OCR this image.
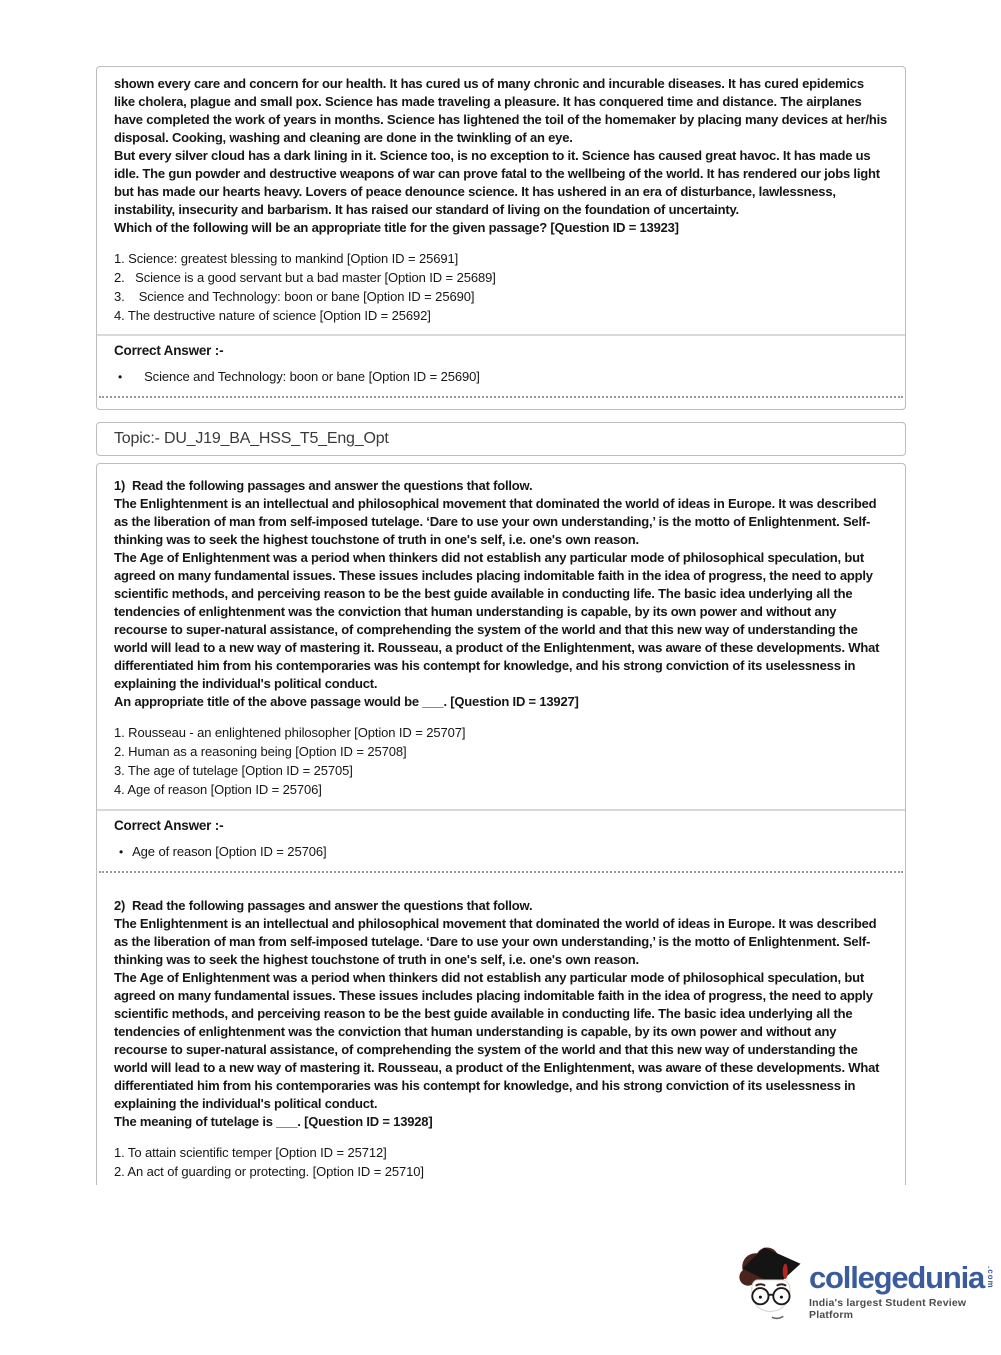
shown every care and concern for our health. It has cured us of many chronic and incurable diseases. It has cured epidemics like cholera, plague and small pox. Science has made traveling a pleasure. It has conquered time and distance. The airplanes have completed the work of years in months. Science has lightened the toil of the homemaker by placing many devices at her/his disposal. Cooking, washing and cleaning are done in the twinkling of an eye.

But every silver cloud has a dark lining in it. Science too, is no exception to it. Science has caused great havoc. It has made us idle. The gun powder and destructive weapons of war can prove fatal to the wellbeing of the world. It has rendered our jobs light but has made our hearts heavy. Lovers of peace denounce science. It has ushered in an era of disturbance, lawlessness, instability, insecurity and barbarism. It has raised our standard of living on the foundation of uncertainty.

Which of the following will be an appropriate title for the given passage? [Question ID = 13923]

1. Science: greatest blessing to mankind [Option ID = 25691]
2.   Science is a good servant but a bad master [Option ID = 25689]
3.    Science and Technology: boon or bane [Option ID = 25690]
4. The destructive nature of science [Option ID = 25692]
Correct Answer :-
• Science and Technology: boon or bane [Option ID = 25690]
Topic:- DU_J19_BA_HSS_T5_Eng_Opt

1)  Read the following passages and answer the questions that follow.

The Enlightenment is an intellectual and philosophical movement that dominated the world of ideas in Europe. It was described as the liberation of man from self-imposed tutelage. ‘Dare to use your own understanding,’ is the motto of Enlightenment. Self-thinking was to seek the highest touchstone of truth in one's self, i.e. one's own reason.

The Age of Enlightenment was a period when thinkers did not establish any particular mode of philosophical speculation, but agreed on many fundamental issues. These issues includes placing indomitable faith in the idea of progress, the need to apply scientific methods, and perceiving reason to be the best guide available in conducting life. The basic idea underlying all the tendencies of enlightenment was the conviction that human understanding is capable, by its own power and without any recourse to super-natural assistance, of comprehending the system of the world and that this new way of understanding the world will lead to a new way of mastering it. Rousseau, a product of the Enlightenment, was aware of these developments. What differentiated him from his contemporaries was his contempt for knowledge, and his strong conviction of its uselessness in explaining the individual's political conduct.

An appropriate title of the above passage would be ___. [Question ID = 13927]

1. Rousseau - an enlightened philosopher [Option ID = 25707]
2. Human as a reasoning being [Option ID = 25708]
3. The age of tutelage [Option ID = 25705]
4. Age of reason [Option ID = 25706]
Correct Answer :-
• Age of reason [Option ID = 25706]

2)  Read the following passages and answer the questions that follow.

The Enlightenment is an intellectual and philosophical movement that dominated the world of ideas in Europe. It was described as the liberation of man from self-imposed tutelage. ‘Dare to use your own understanding,’ is the motto of Enlightenment. Self-thinking was to seek the highest touchstone of truth in one's self, i.e. one's own reason.

The Age of Enlightenment was a period when thinkers did not establish any particular mode of philosophical speculation, but agreed on many fundamental issues. These issues includes placing indomitable faith in the idea of progress, the need to apply scientific methods, and perceiving reason to be the best guide available in conducting life. The basic idea underlying all the tendencies of enlightenment was the conviction that human understanding is capable, by its own power and without any recourse to super-natural assistance, of comprehending the system of the world and that this new way of understanding the world will lead to a new way of mastering it. Rousseau, a product of the Enlightenment, was aware of these developments. What differentiated him from his contemporaries was his contempt for knowledge, and his strong conviction of its uselessness in explaining the individual's political conduct.

The meaning of tutelage is ___. [Question ID = 13928]

1. To attain scientific temper [Option ID = 25712]
2. An act of guarding or protecting. [Option ID = 25710]
collegedunia .com
India's largest Student Review Platform
